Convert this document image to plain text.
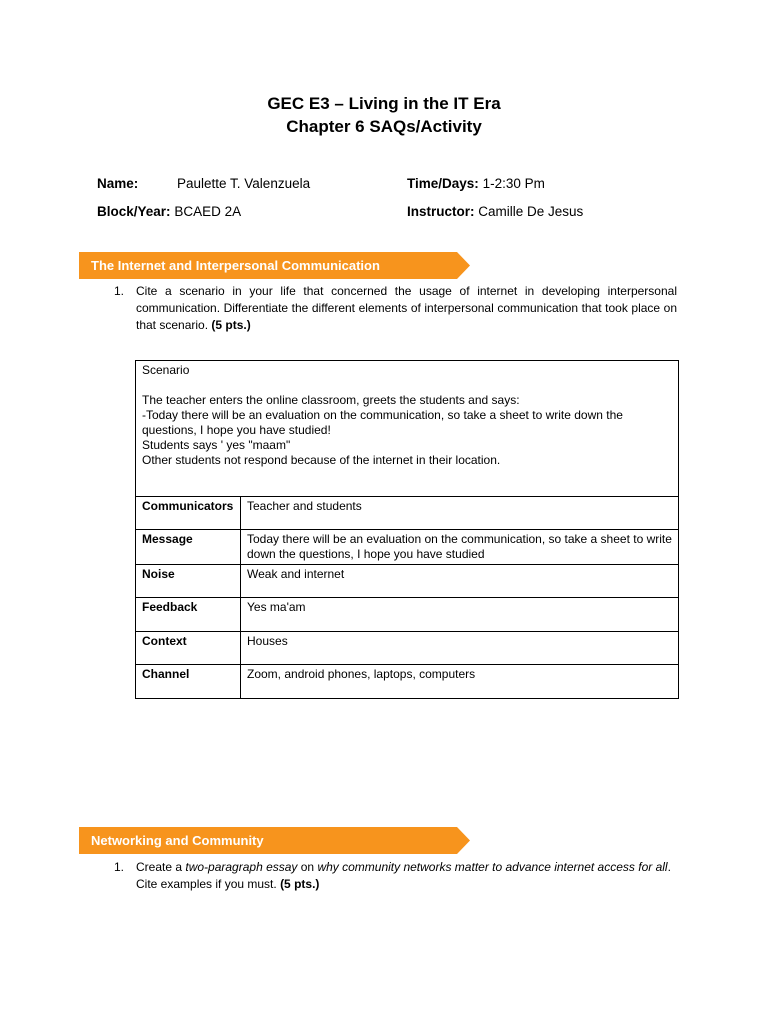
GEC E3 – Living in the IT Era
Chapter 6 SAQs/Activity
Name:	Paulette T. Valenzuela	Time/Days: 1-2:30 Pm
Block/Year: BCAED 2A	Instructor: Camille De Jesus
The Internet and Interpersonal Communication
1. Cite a scenario in your life that concerned the usage of internet in developing interpersonal communication. Differentiate the different elements of interpersonal communication that took place on that scenario. (5 pts.)

Scenario

The teacher enters the online classroom, greets the students and says:

-Today there will be an evaluation on the communication, so take a sheet to write down the questions, I hope you have studied!

Students says ' yes "maam"

Other students not respond because of the internet in their location.	

Communicators	Teacher and students
Message	Today there will be an evaluation on the communication, so take a sheet to write down the questions, I hope you have studied
Noise	Weak and internet
Feedback	Yes ma'am
Context	Houses
Channel	Zoom, android phones, laptops, computers
Networking and Community
1. Create a two-paragraph essay on why community networks matter to advance internet access for all. Cite examples if you must. (5 pts.)
